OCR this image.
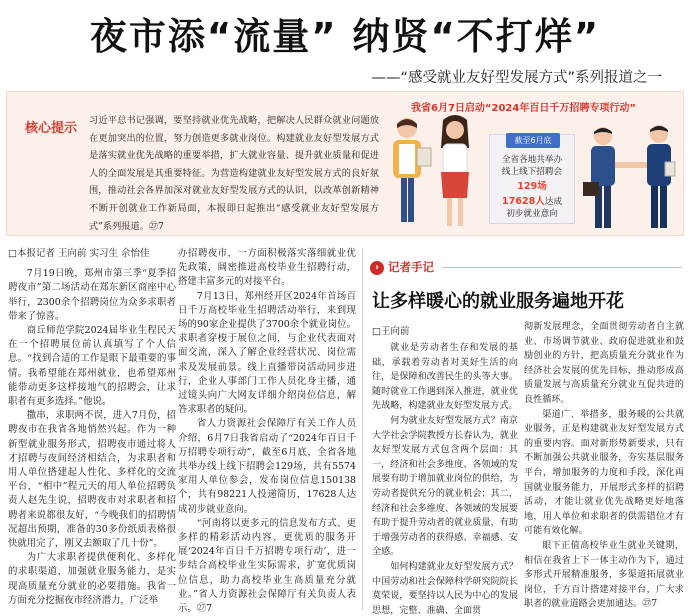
夜市添“流量” 纳贤“不打烊”
——“感受就业友好型发展方式”系列报道之一
核心提示
习近平总书记强调，要坚持就业优先战略，把解决人民群众就业问题放在更加突出的位置，努力创造更多就业岗位。构建就业友好型发展方式是落实就业优先战略的重要举措，扩大就业容量、提升就业质量和促进人的全面发展是其重要特征。为营造构建就业友好型发展方式的良好氛围，推动社会各界加深对就业友好型发展方式的认识，以改革创新精神不断开创就业工作新局面，本报即日起推出“感受就业友好型发展方式”系列报道。㉗7
我省6月7日启动“2024年百日千万招聘专项行动”
截至6月底
全省各地共举办
线上线下招聘会
129场
17628人达成
初步就业意向
□本报记者 王向前 实习生 佘怡佳

7月19日晚，郑州市第三季“夏季招聘夜市”第二场活动在郑东新区商座中心举行，2300余个招聘岗位为众多求职者带来了惊喜。

商丘师范学院2024届毕业生程民天在一个招聘展位前认真填写了个人信息。“找到合适的工作是眼下最重要的事情。我希望能在郑州就业，也希望郑州能带动更多这样接地气的招聘会，让求职者有更多选择。”他说。

撒串，求职两不误，进入7月份，招聘夜市在我省各地悄然兴起。作为一种新型就业服务形式，招聘夜市通过将人才招聘与夜间经济相结合，为求职者和用人单位搭建起人性化、多样化的交流平台，“相中”程元天的用人单位招聘负责人赵先生说，招聘夜市对求职者和招聘者来说都很友好，“今晚我们的招聘情况超出预期，准备的30多份纸质表格很快就用完了，刚又去额取了几十份”。

为广大求职者提供便利化、多样化的求职渠道，加强就业服务能力，是实现高质量充分就业的必要措施。我省一方面充分挖掘夜市经济潜力，广泛举

办招聘夜市，一方面积极落实落细就业优先政策，阔密推进高校毕业生招聘行动，搭建丰富多元的对接平台。

7月13日，郑州经开区2024年首场百日千万高校毕业生招聘活动举行，来到现场的90家企业提供了3700余个就业岗位。求职者穿梭于展位之间，与企业代表面对面交流，深入了解企业经营状况、岗位需求及发展前景。线上直播带岗活动同步进行，企业人事部门工作人员化身主播，通过镜头向广大网友详细介绍岗位信息，解答求职者的疑问。

省人力资源社会保障厅有关工作人员介绍，6月7日我省启动了“2024年百日千万招聘专项行动”，截至6月底，全省各地共举办线上线下招聘会129场，共有5574家用人单位参会，发布岗位信息150138个，共有98221人投递简历，17628人达成初步就业意向。

“河南将以更多元的信息发布方式、更多样的精彩活动内容、更优质的服务开展‘2024年百日千万招聘专项行动’，进一步结合高校毕业生实际需求，扩宽优质岗位信息，助力高校毕业生高质量充分就业。”省人力资源社会保障厅有关负责人表示。㉗7

› 记者手记
让多样暖心的就业服务遍地开花
□王向前

就业是劳动者生存和发展的基础，承载着劳动者对美好生活的向往，是保障和改善民生的头等大事。随时就业工作遇到深入推进，就业优先战略，构建就业友好型发展方式。

何为就业友好型发展方式？南京大学社会学院教授方长春认为，就业友好型发展方式包含两个层面：其一，经济和社会多维度、各领域的发展要有助于增加就业岗位的供给，为劳动者提供充分的就业机会；其二，经济和社会多维度、各领域的发展要有助于提升劳动者的就业质量，有助于增强劳动者的获得感、幸福感、安全感。

如何构建就业友好型发展方式？中国劳动和社会保障科学研究院院长莫荣说，要坚持以人民为中心的发展思想，完整、准确、全面贯

彻新发展理念，全面贯彻劳动者自主就业、市场调节就业、政府促进就业和鼓励创业的方针，把高质量充分就业作为经济社会发展的优先目标，推动形成高质量发展与高质量充分就业互促共进的良性循环。

渠道广、举措多，服务暖的公共就业服务，正是构建就业友好型发展方式的重要内容。面对新形势新要求，只有不断加强公共就业服务，夯实基层服务平台，增加服务的力度和手段，深化両国就业服务能力，开展形式多样的招聘活动，才能让就业优先战略更好地落地，用人单位和求职者的供需错位才有可能有效化解。

眼下正值高校毕业生就业关键期，相信在我省上下一体主动作为下，通过多形式开展精准服务，多渠道拓展就业岗位，千方百计搭建对接平台，广大求职者的就业道路会更加通达。㉗7
